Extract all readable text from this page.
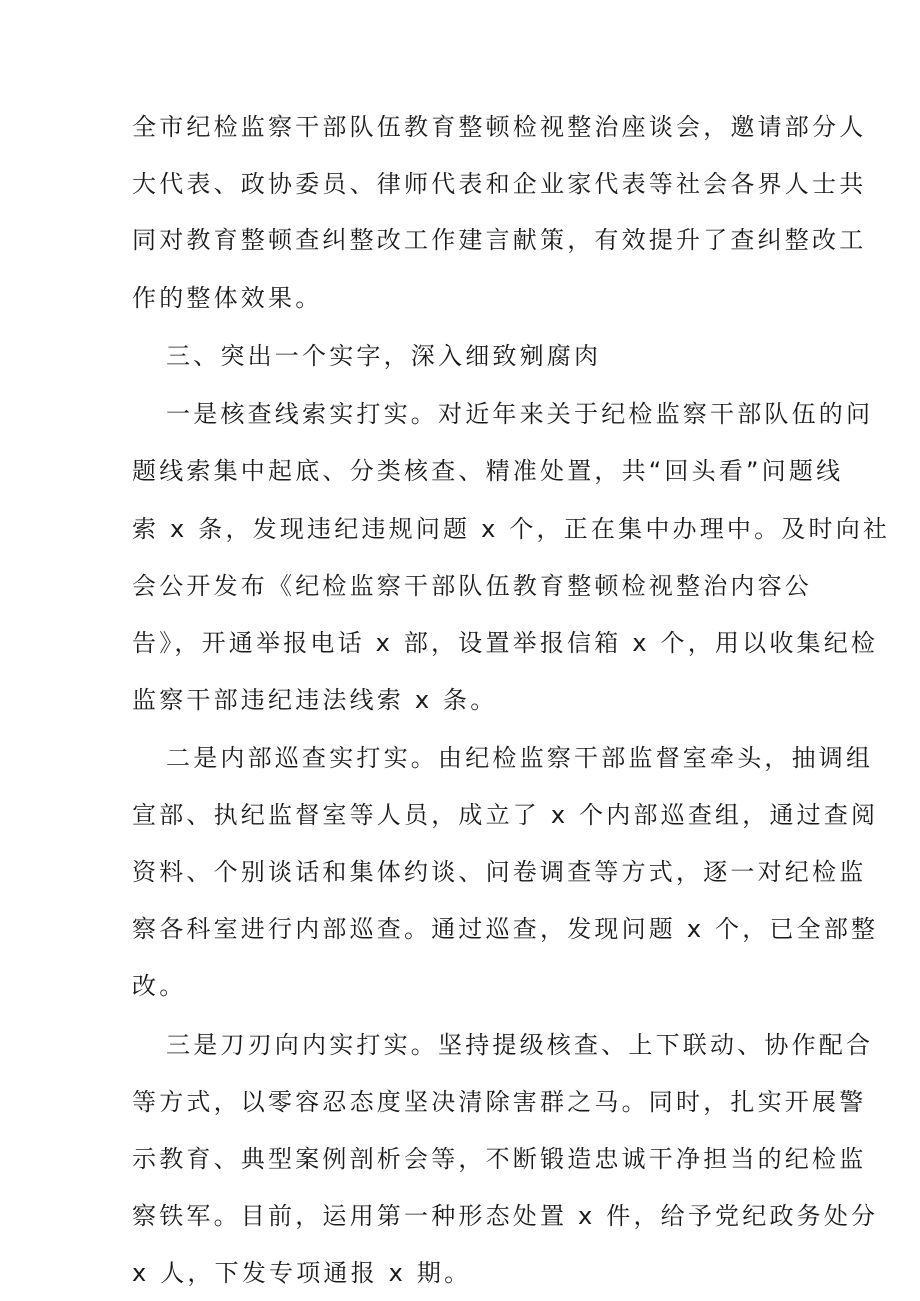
全市纪检监察干部队伍教育整顿检视整治座谈会，邀请部分人

大代表、政协委员、律师代表和企业家代表等社会各界人士共

同对教育整顿查纠整改工作建言献策，有效提升了查纠整改工

作的整体效果。

三、突出一个实字，深入细致剜腐肉

一是核查线索实打实。对近年来关于纪检监察干部队伍的问

题线索集中起底、分类核查、精准处置，共“回头看”问题线

索 x 条，发现违纪违规问题 x 个，正在集中办理中。及时向社

会公开发布《纪检监察干部队伍教育整顿检视整治内容公

告》，开通举报电话 x 部，设置举报信箱 x 个，用以收集纪检

监察干部违纪违法线索 x 条。

二是内部巡查实打实。由纪检监察干部监督室牵头，抽调组

宣部、执纪监督室等人员，成立了 x 个内部巡查组，通过查阅

资料、个别谈话和集体约谈、问卷调查等方式，逐一对纪检监

察各科室进行内部巡查。通过巡查，发现问题 x 个，已全部整

改。

三是刀刃向内实打实。坚持提级核查、上下联动、协作配合

等方式，以零容忍态度坚决清除害群之马。同时，扎实开展警

示教育、典型案例剖析会等，不断锻造忠诚干净担当的纪检监

察铁军。目前，运用第一种形态处置 x 件，给予党纪政务处分

x 人，下发专项通报 x 期。
